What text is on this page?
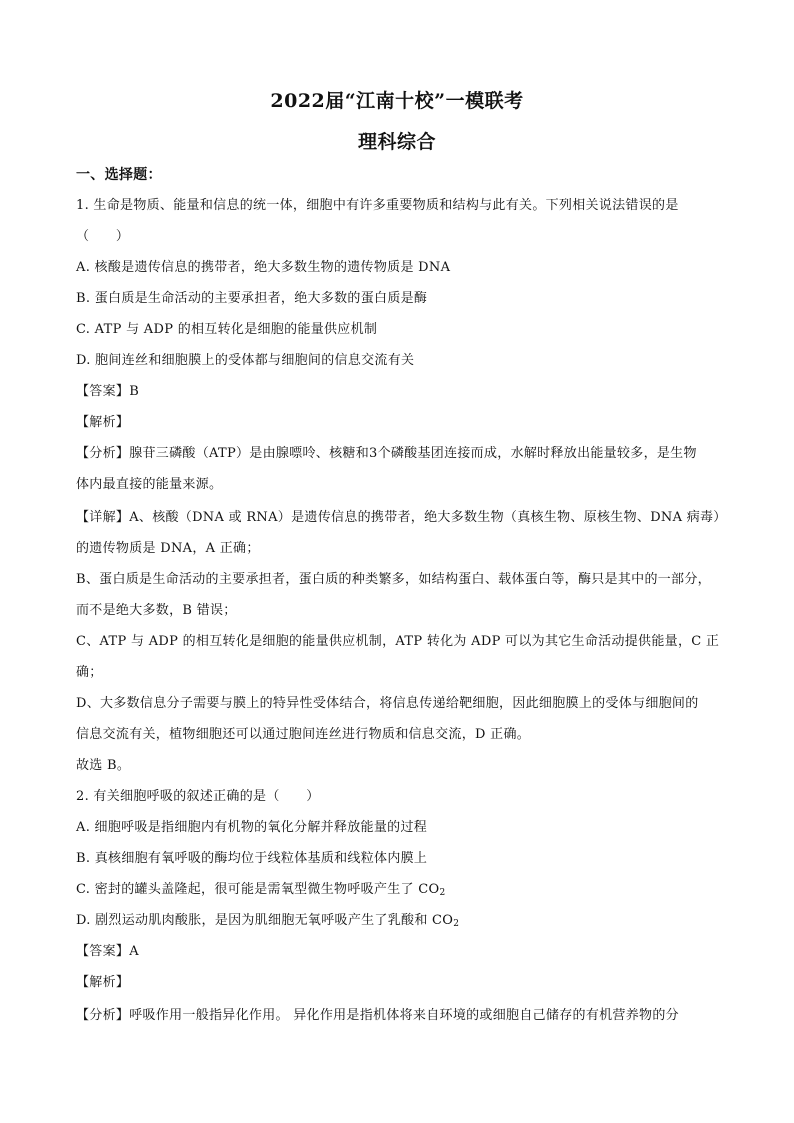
2022届“江南十校”一模联考
理科综合
一、选择题：
1. 生命是物质、能量和信息的统一体，细胞中有许多重要物质和结构与此有关。下列相关说法错误的是
（　　）
A. 核酸是遗传信息的携带者，绝大多数生物的遗传物质是 DNA
B. 蛋白质是生命活动的主要承担者，绝大多数的蛋白质是酶
C. ATP 与 ADP 的相互转化是细胞的能量供应机制
D. 胞间连丝和细胞膜上的受体都与细胞间的信息交流有关
【答案】B
【解析】
【分析】腺苷三磷酸（ATP）是由腺嘌呤、核糖和3个磷酸基团连接而成，水解时释放出能量较多，是生物
体内最直接的能量来源。
【详解】A、核酸（DNA 或 RNA）是遗传信息的携带者，绝大多数生物（真核生物、原核生物、DNA 病毒）
的遗传物质是 DNA，A 正确；
B、蛋白质是生命活动的主要承担者，蛋白质的种类繁多，如结构蛋白、载体蛋白等，酶只是其中的一部分，
而不是绝大多数，B 错误；
C、ATP 与 ADP 的相互转化是细胞的能量供应机制，ATP 转化为 ADP 可以为其它生命活动提供能量，C 正
确；
D、大多数信息分子需要与膜上的特异性受体结合，将信息传递给靶细胞，因此细胞膜上的受体与细胞间的
信息交流有关，植物细胞还可以通过胞间连丝进行物质和信息交流，D 正确。
故选 B。
2. 有关细胞呼吸的叙述正确的是（　　）
A. 细胞呼吸是指细胞内有机物的氧化分解并释放能量的过程
B. 真核细胞有氧呼吸的酶均位于线粒体基质和线粒体内膜上
C. 密封的罐头盖隆起，很可能是需氧型微生物呼吸产生了 $CO_2$
D. 剧烈运动肌肉酸胀，是因为肌细胞无氧呼吸产生了乳酸和 $CO_2$
【答案】A
【解析】
【分析】呼吸作用一般指异化作用。 异化作用是指机体将来自环境的或细胞自己储存的有机营养物的分
